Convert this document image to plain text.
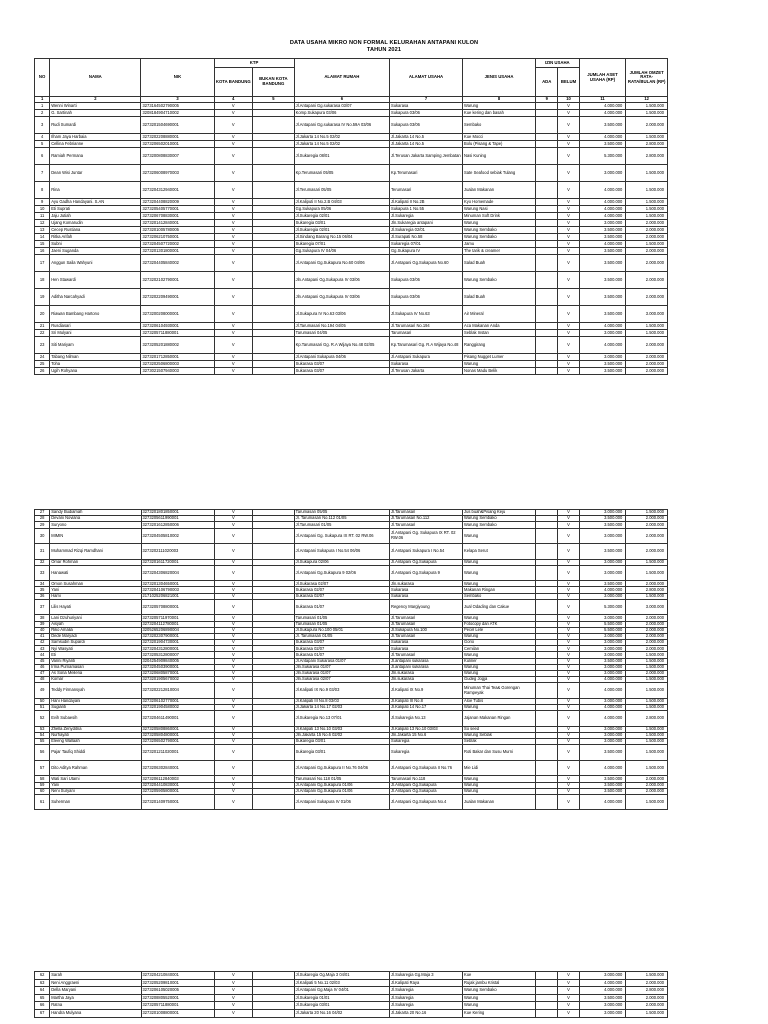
DATA USAHA MIKRO NON FORMAL KELURAHAN ANTAPANI KULON
TAHUN 2021
NO	NAMA	NIK	KTP		ALAMAT RUMAH	ALAMAT USAHA	JENIS USAHA	IZIN USAHA		JUMLAH ASET USAHA (RP)	JUMLAH OMZET RATA-RATA/BULAN (RP)
			KOTA BANDUNG	BUKAN KOTA BANDUNG				ADA	BELUM		
1	2	3	4	5	6	7	8	9	10	11	12
1	Wenni Winarti	3273164502790005	V		Jl.Antapani Gg.sukarasa 03/07	Sukarasa	Warung		V	4.000.000	1.500.000
2	G. Sartinah	3208184904710002	V		Komp.Sukapura 03/06	Sukapura 03/06	Kue kering dan basah		V	4.000.000	1.500.000
3	Rudi Sumardi	3273201504690001	V		Jl.Antapani Gg.sukarasa IV No.59A 03/06	Sukapura 03/06	Sembako		V	3.500.000	2.000.000
4	Ilham Jaya Harbaia	3273202208880001	V		Jl.Jakarta 14 No.5 02/02	Jl.Jakarta 14 No.5	Kue Mocci		V	4.000.000	1.500.000
5	Cellina Febrianne	3273206502010001	V		Jl.Jakarta 14 No.5 02/02	Jl.Jakarta 14 No.5	Bolu (Pisang & Tape)		V	3.500.000	2.800.000
6	Ramiah Permana	3273200808830007	V		Jl.Sukaregia 08/01	Jl.Terusan Jakarta Samping Jembatan	Nasi Kuning		V	5.300.000	2.800.000
7	Dean Wisi Juntar	3273206008970003	V		Kp.Terumasari 05/05	Kp.Terumasari	Sate Seafood sebiak Tulang		V	3.000.000	1.500.000
8	Rina	3273204312940001	V		Jl.Terumasari 05/05	Terumasari	Jualan Makanan		V	4.000.000	1.500.000
9	Ayu Gadha Handayani. S.AN	3273204408820009	V		Jl.Kaliputi II No.2.B 04/03	Jl.Kalipati II No.2B	Kyo Homemade		V	4.000.000	1.500.000
10	Eti Suprati	3273205405770001	V		Gg.Sukapura 05/06	Sukapura 1 No.55	Warung Nasi		V	4.000.000	1.500.000
11	Jaju Jutiah	3273206708830001	V		Jl.Sukaregia 02/01	Jl.Sukaregia	Minuman Soft Drink		V	4.000.000	1.500.000
12	Ujang Komarudin	3273201412840001	V		Sukaregia 03/01	Jln.Sukaregia antapani	Warung		V	3.000.000	2.000.000
13	Cecep Rustiana	3273201005780005	V		Jl.Sukaregia 02/01	Jl.Sukaregia 02/01	Warung Sembako		V	3.500.000	2.000.000
14	Ritka Arifah	3273206210750001	V		Jl.Sindang Barang No.15 06/04	Jl.Surapati No.58	Warung Sembako		V	3.500.000	2.000.000
15	Subni	3273204507720002	V		Sukaregia 07/01	Sukaregia 07/01	Jamu		V	4.000.000	1.500.000
16	Jaeni Suganda	3273201301800001	V		Gg.Sukapura IV 04/06	Gg.Sukapura IV	The tarik & creamer		V	3.500.000	2.000.000
17	Anggun Saila Wahyuni	3273204405840002	V		Jl.Antapani Gg.Sukapura No.60 04/06	Jl.Antapani Gg.Sukapura No.60	Salad Buah		V	3.500.000	2.000.000
18	Hen Stawardi	3273202102790001	V		Jln.Antapani Gg.Sukapura IV 03/06	Sukapura 03/06	Warung Sembako		V	3.500.000	2.000.000
19	Aditha Narcahyadi	3273202209490001	V		Jln.Antapani Gg.Sukapura IV 03/06	Sukapura 03/06	Salad Buah		V	3.500.000	2.000.000
20	Riawan Bambang Hartono	3273200208000001	V		Jl.Sukapura IV No.63 03/06	Jl.Sukapura IV No.63	Air Mineral		V	3.500.000	3.000.000
21	Rusdiasari	3273206104930001	V		Jl.Tarumasari No.194 04/05	Jl.Tarumasari No.194	Aca Makanan Anda		V	4.000.000	1.500.000
22	Sri Mulyani	3273205711880001	V		Tarumasari 04/05	Tarumasari	Seblak Instan		V	3.000.000	1.500.000
23	Siti Mariyam	3273205201880002	V		Kp.Tarumasari Gg. R.A Wijaya No.48 02/05	Kp.Tarumasari Gg. R.A Wijaya No.48	Ranggirang		V	4.000.000	2.000.000
24	Tabang Nilman	3273201712850001	V		Jl.Antapani Sukapura 04/06	Jl.Antapani Sukapura	Pisang Nugget Lumer		V	3.000.000	2.000.000
25	Toha	3273202506800003	V		Sukarasa 03/07	Sukarasa	Warung		V	3.500.000	2.000.000
26	Ugih Rohyana	3273021507940003	V		Sukarasa 03/07	Jl.Terusan Jakarta	Nonas Madu Belik		V	3.500.000	2.000.000
27	Sandy Budiamah	3273201801850001	V		Tarumasari 05/05	Jl.Tarumasari	Jus buah&Pisang Keju		V	3.000.000	1.500.000
28	Devani Noviana	3273205611990001	V		Jl. Tarumasari No.112 01/05	Jl.Tarumasari No.112	Warung Sembako		V	3.500.000	2.000.000
29	Suryono	3273201612850006	V		Jl.Tarumasari 01/05	Jl.Tarumasari	Warung Sembako		V	3.500.000	2.000.000
30	MIMIN	3273204505810002	V		Jl.Antapani Gg. Sukapura IX RT. 02 RW.06	Jl.Antapani Gg. Sukapura IX RT. 02 RW.06	Warung		V	3.000.000	2.000.000
31	Muhammad Rizqi Ramdhani	3273202111020003	V		Jl.Antapani Sukapura I No.54 06/06	Jl.Antapani Sukapura I No.54	Kelapa Serut		V	3.500.000	2.000.000
32	Omar Rohman	3273201611720001	V		Jl.Sukapura 02/06	Jl.Antapani Gg.Sukapura	Warung		V	3.000.000	1.500.000
33	Hanawati	3273204306820004	V		Jl.Antapani Gg.Sukapura 9 02/06	Jl.Antapani Gg.Sukapura 9	Warung		V	3.000.000	1.500.000
34	Omon Susahman	3273201304650001	V		Jl.Sukarasa 02/07	Jln.sukarasa	Warung		V	3.500.000	2.000.000
35	Yani	3273204106790003	V		Sukarasa 02/07	Sukarasa	Makanan Ringan		V	4.000.000	2.800.000
36	Hami	2171025206821001	V		Sukarasa 02/07	Sukarasa	Sembako		V	3.000.000	1.500.000
37	Lilis Hayati	3273205708800001	V		Sukarasa 01/07	Regency Margiyoung	Jual Odading dan Cakue		V	5.300.000	3.000.000
38	Lani Dzuhuriyani	3273205711970001	V		Tarumasari 01/05	Jl.Tarumasari	Warung		V	3.000.000	2.000.000
39	Aisyah	3273204112780001	V		Tarumasari 01/05	Jl.Tarumasari	Fotocopy dan ATK		V	5.500.000	2.000.000
40	Riko Amalia	3205265206890004	V		Jl.Sukapura No.100 05/01	Jl.Sukapura No.100	Pecel Lele		V	5.500.000	2.000.000
41	Dede Maryadi	3273202307900001	V		Jl. Tarumasari 01/05	Jl.Tarumasari	Warung		V	3.000.000	2.000.000
42	Samsudin Supardi	3273201904730001	V		Sukarasa 03/07	Sukarasa	Gorio		V	3.000.000	2.000.000
43	Nyi Wasyati	3273204312800001	V		Sukarasa 02/07	Sukarasa	Cemilan		V	3.000.000	2.000.000
44	Eti	3273205312800007	V		Sukarasa 01/07	Jl.Tarumasari	Warung		V	3.000.000	1.500.000
45	Vanni Riyanti	3204254909840005	V		Jl.Antapani Sukarasa 01/07	Jl.antapani sukarasa	Kuliner		V	3.500.000	1.500.000
46	Irma Purnamasari	3273204503900001	V		Jln.Sukarasa 01/07	Jl.antapani sukarasa	Warung		V	3.000.000	1.500.000
47	As Sona Meilena	3273206805870001	V		Jln.Sukarasa 01/07	Jln.sukarasa	Warung		V	3.000.000	2.000.000
48	Komar	3273201905670002	V		Jln.Sukarasa 02/07	Jln.sukarasa	Gudeg Jogja		V	4.000.000	1.500.000
49	Teddy Firmansyah	3273202212810004	V		Jl.Kalipati IX No.9 03/03	Jl.Kalipati IX No.9	Minuman Thai Tea& Gorengan Rampeyak		V	4.000.000	1.500.000
50	Hani Handayani	3273206102770001	V		Jl.Kalipati III No.8 03/03	Jl.Kalipati III No.8	Aloe Tubis		V	3.000.000	1.500.000
51	Sugianti	3273201904580002	V		Jl.Jakarta 14 No.17 02/03	Jl.Kalipati 14 No.17	Warung		V	4.000.000	1.500.000
52	Evih Subaesih	3273204611490001	V		Jl.Sukaregia No.13 07/01	Jl.Sukaregia No.13	Jajanan Makanan Ringan		V	4.000.000	2.800.000
53	Zhella Zenyditna	3273205808860001	V		Jl.Kalipati 13 No.10 03/03	Jl.Kalipati 13 No.10 03/03	So seed		V	3.000.000	1.500.000
54	Nurhayati	3273205804800001	V		Jln.Jakarta 15 No.6 02/02	Jln.Jakarta 15 No.6	Warung Seblak		V	3.000.000	1.500.000
55	Eleeng Wallaah	3273206502790001	V		Sukaregia 03/01	Sukaregia	Seblak		V	3.000.000	1.500.000
56	Pajar Taufiq Shiddi	3273201211020001	V		Sukaregia 03/01	Sukaregia	Roti Bakar dan Susu Murni		V	3.500.000	1.500.000
57	Dito Aditya Rahman	3273206302840001	V		Jl.Antapani Gg.Sukapura II No.76 04/06	Jl.Antapani Gg.Sukapura II No.76	Mie Lidi		V	4.000.000	1.500.000
58	Wati Sari Utami	3273206112840003	V		Tarumasari No.118 01/05	Tarumasari No.118	Warung		V	3.500.000	2.000.000
59	Yani	3273204410830001	V		Jl.Antapani Gg.Sukapura 01/06	Jl.Antapani Gg.Sukapura	Warung		V	3.500.000	2.000.000
60	Neni Suryani	3273205905800001	V		Jl.Antapani Gg.Sukapura 01/06	Jl.Antapani Gg.Sukapura	Warung		V	3.500.000	2.000.000
61	Suherman	3273201409750001	V		Jl.Antapani Sukapura IV 01/06	Jl.Antapani Gg.Sukapura No.4	Jualan Makanan		V	4.000.000	1.500.000
62	Sarah	3273204210840001	V		Jl.Sukaregia Gg.Maja 3 04/01	Jl.Sukaregia Gg.Maja 3	Kue		V	3.000.000	1.500.000
63	Neni Anggraeni	3273205209810001	V		Jl.Kalipati 5 No.11 02/03	Jl.Kalipati Raya	Rujak jambu Kristal		V	4.000.000	2.000.000
64	Della Maryani	3273206105020005	V		Jl.Antapani Gg.Maja IV 04/01	Jl.Sukaregia	Warung Sembako		V	4.000.000	2.800.000
65	Martha Jaya	3273208805520001	V		Jl.Sukaregia 01/01	Jl.Sukaregia	Warung		V	3.500.000	2.000.000
66	Ratna	3273205711880001	V		Jl.Sukaregia 03/01	Jl.Sukaregia	Warung		V	3.000.000	2.000.000
67	Handra Mulyana	3273201008800001	V		Jl.Jakarta 20 No.16 04/02	Jl.Jakarta 20 No.16	Kue Kering		V	3.000.000	1.500.000
